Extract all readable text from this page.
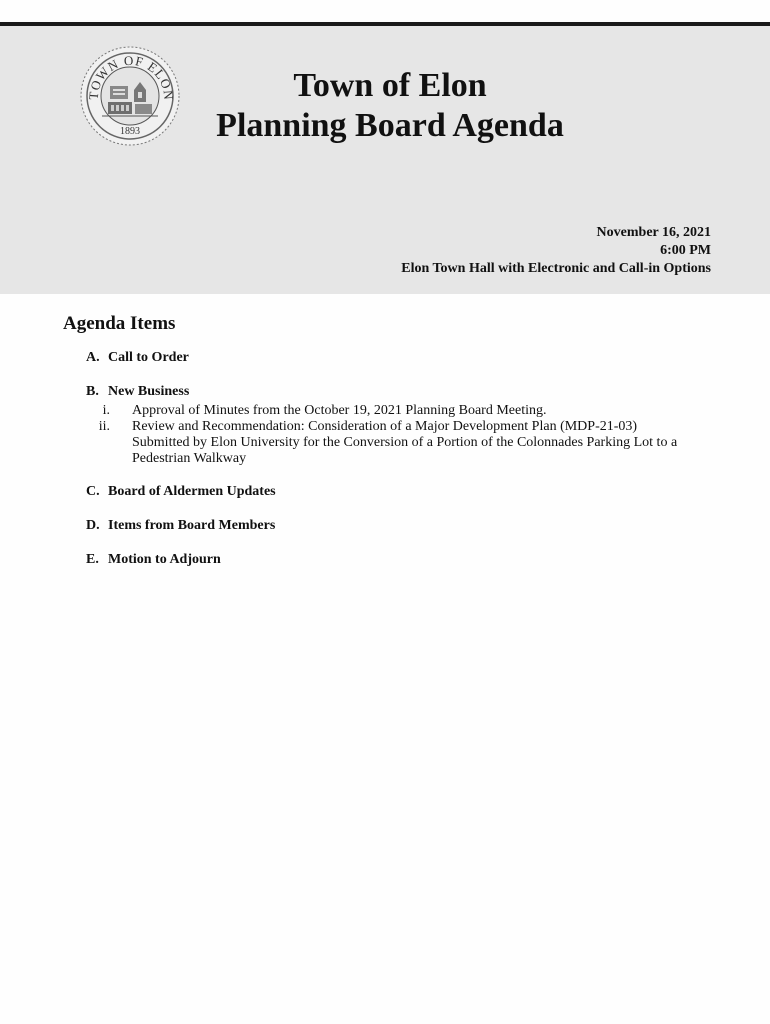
TOWN OF ELON
1893
Town of Elon
Planning Board Agenda
November 16, 2021
6:00 PM
Elon Town Hall with Electronic and Call-in Options
Agenda Items
A. Call to Order
B. New Business
i.	Approval of Minutes from the October 19, 2021 Planning Board Meeting.
ii.	Review and Recommendation: Consideration of a Major Development Plan (MDP-21-03) Submitted by Elon University for the Conversion of a Portion of the Colonnades Parking Lot to a Pedestrian Walkway
C. Board of Aldermen Updates
D. Items from Board Members
E. Motion to Adjourn
